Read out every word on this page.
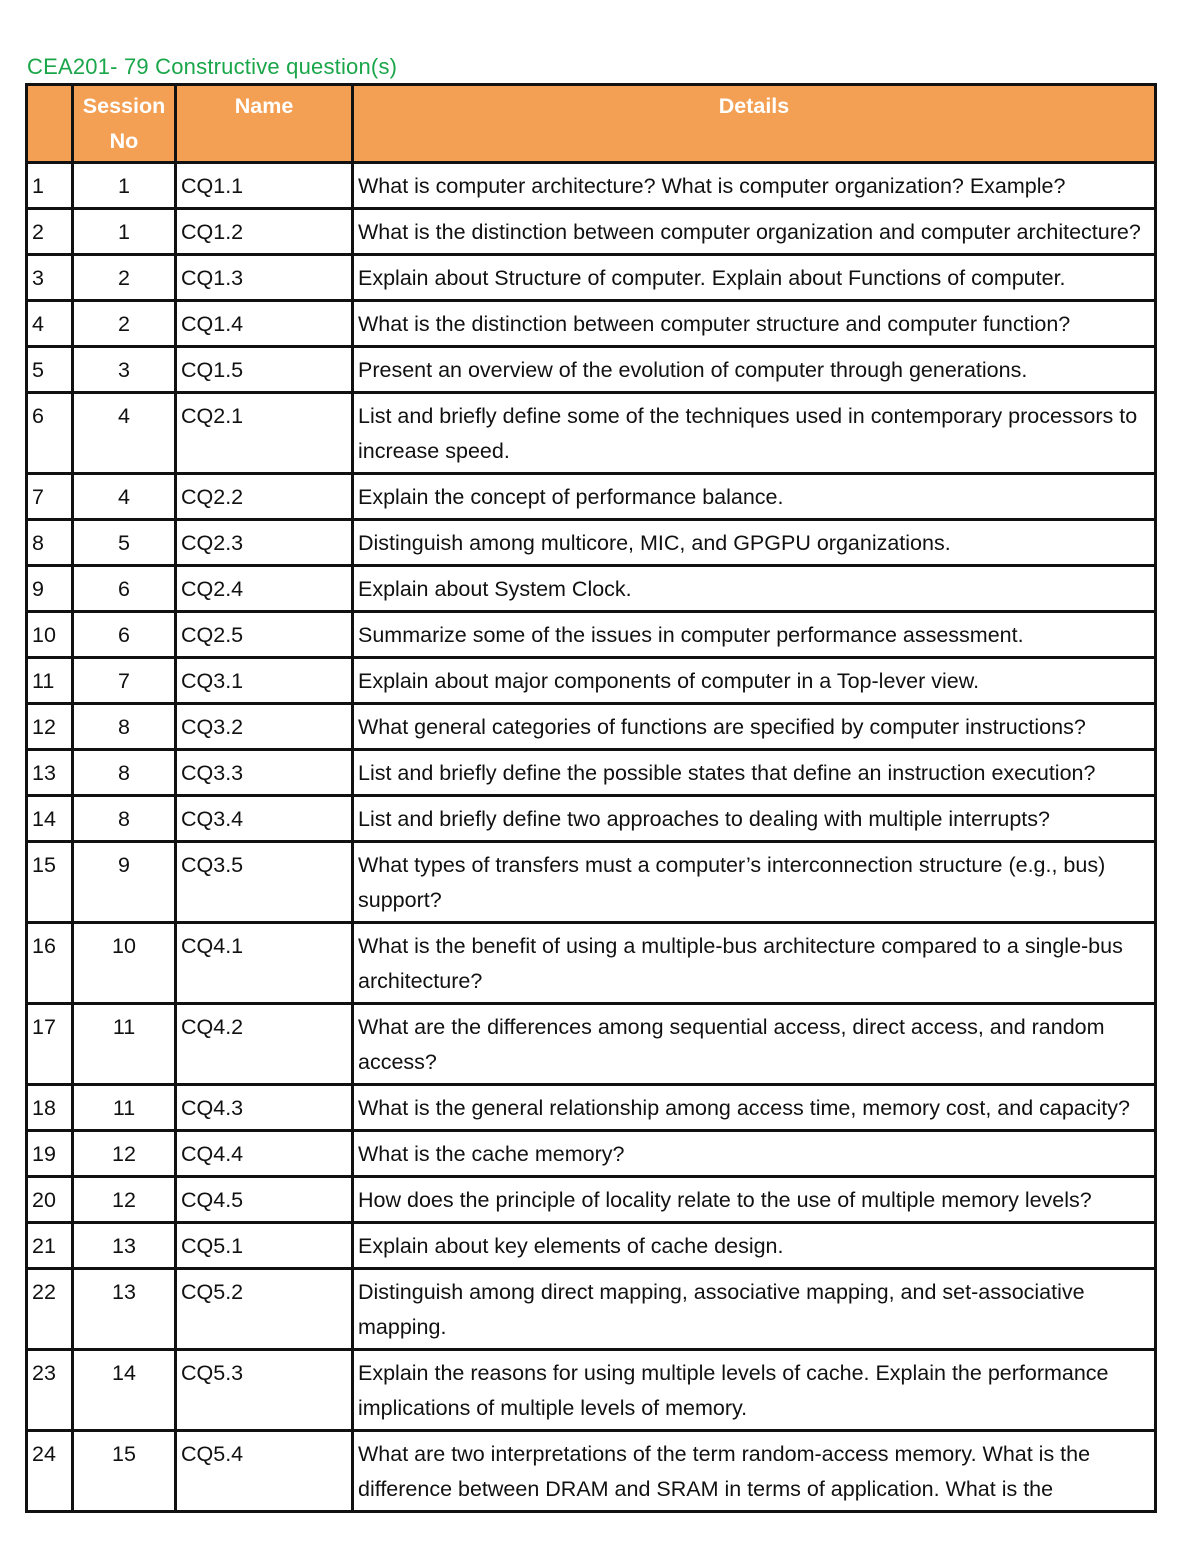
CEA201- 79 Constructive question(s)
	Session No	Name	Details
1	1	CQ1.1	What is computer architecture? What is computer organization? Example?
2	1	CQ1.2	What is the distinction between computer organization and computer architecture?
3	2	CQ1.3	Explain about Structure of computer. Explain about Functions of computer.
4	2	CQ1.4	What is the distinction between computer structure and computer function?
5	3	CQ1.5	Present an overview of the evolution of computer through generations.
6	4	CQ2.1	List and briefly define some of the techniques used in contemporary processors to increase speed.
7	4	CQ2.2	Explain the concept of performance balance.
8	5	CQ2.3	Distinguish among multicore, MIC, and GPGPU organizations.
9	6	CQ2.4	Explain about System Clock.
10	6	CQ2.5	Summarize some of the issues in computer performance assessment.
11	7	CQ3.1	Explain about major components of computer in a Top-lever view.
12	8	CQ3.2	What general categories of functions are specified by computer instructions?
13	8	CQ3.3	List and briefly define the possible states that define an instruction execution?
14	8	CQ3.4	List and briefly define two approaches to dealing with multiple interrupts?
15	9	CQ3.5	What types of transfers must a computer’s interconnection structure (e.g., bus) support?
16	10	CQ4.1	What is the benefit of using a multiple-bus architecture compared to a single-bus architecture?
17	11	CQ4.2	What are the differences among sequential access, direct access, and random access?
18	11	CQ4.3	What is the general relationship among access time, memory cost, and capacity?
19	12	CQ4.4	What is the cache memory?
20	12	CQ4.5	How does the principle of locality relate to the use of multiple memory levels?
21	13	CQ5.1	Explain about key elements of cache design.
22	13	CQ5.2	Distinguish among direct mapping, associative mapping, and set-associative mapping.
23	14	CQ5.3	Explain the reasons for using multiple levels of cache. Explain the performance implications of multiple levels of memory.
24	15	CQ5.4	What are two interpretations of the term random-access memory. What is the difference between DRAM and SRAM in terms of application. What is the
